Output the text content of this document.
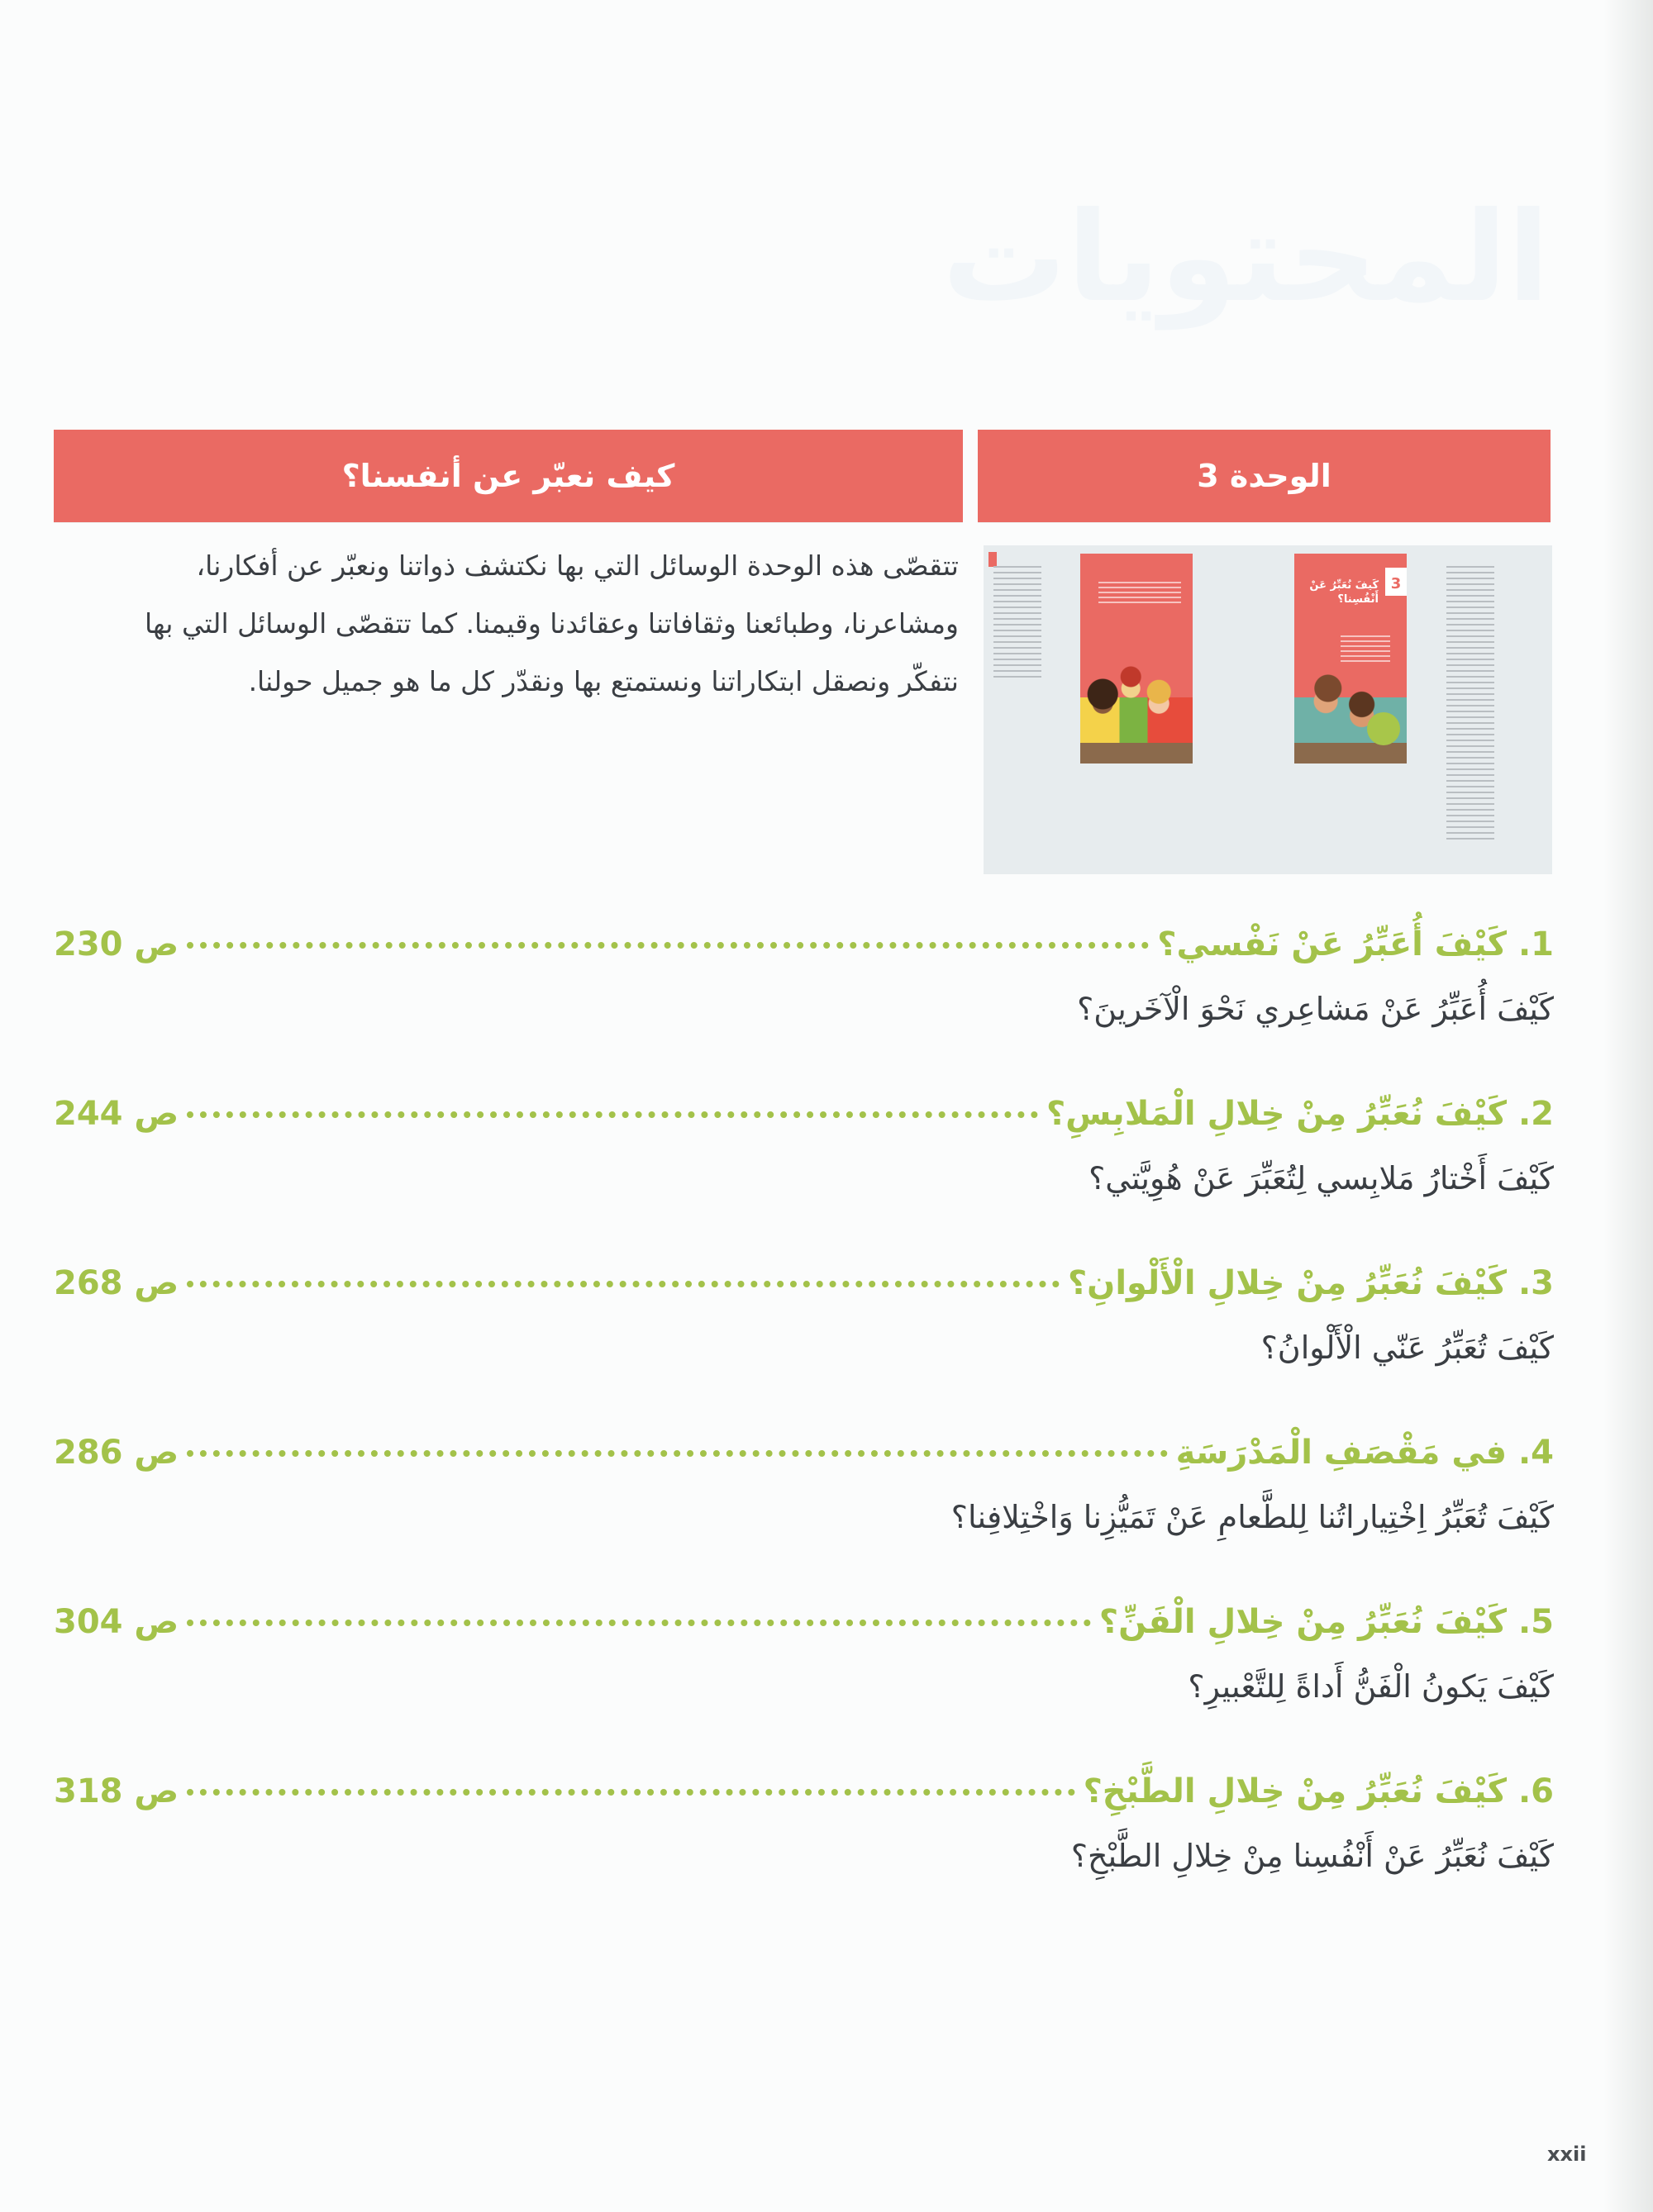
المحتويات
الوحدة 3
كيف نعبّر عن أنفسنا؟
تتقصّى هذه الوحدة الوسائل التي بها نكتشف ذواتنا ونعبّر عن أفكارنا، ومشاعرنا، وطبائعنا وثقافاتنا وعقائدنا وقيمنا. كما تتقصّى الوسائل التي بها نتفكّر ونصقل ابتكاراتنا ونستمتع بها ونقدّر كل ما هو جميل حولنا.
3
كَيفَ نُعَبِّرُ عَنْ أَنْفُسِنا؟
1. كَيْفَ أُعَبِّرُ عَنْ نَفْسي؟
ص 230
كَيْفَ أُعَبِّرُ عَنْ مَشاعِري نَحْوَ الْآخَرينَ؟
2. كَيْفَ نُعَبِّرُ مِنْ خِلالِ الْمَلابِسِ؟
ص 244
كَيْفَ أَخْتارُ مَلابِسي لِتُعَبِّرَ عَنْ هُوِيَّتي؟
3. كَيْفَ نُعَبِّرُ مِنْ خِلالِ الْأَلْوانِ؟
ص 268
كَيْفَ تُعَبِّرُ عَنّي الْأَلْوانُ؟
4. في مَقْصَفِ الْمَدْرَسَةِ
ص 286
كَيْفَ تُعَبِّرُ اِخْتِياراتُنا لِلطَّعامِ عَنْ تَمَيُّزِنا وَاخْتِلافِنا؟
5. كَيْفَ نُعَبِّرُ مِنْ خِلالِ الْفَنِّ؟
ص 304
كَيْفَ يَكونُ الْفَنُّ أَداةً لِلتَّعْبيرِ؟
6. كَيْفَ نُعَبِّرُ مِنْ خِلالِ الطَّبْخِ؟
ص 318
كَيْفَ نُعَبِّرُ عَنْ أَنْفُسِنا مِنْ خِلالِ الطَّبْخِ؟
xxii
